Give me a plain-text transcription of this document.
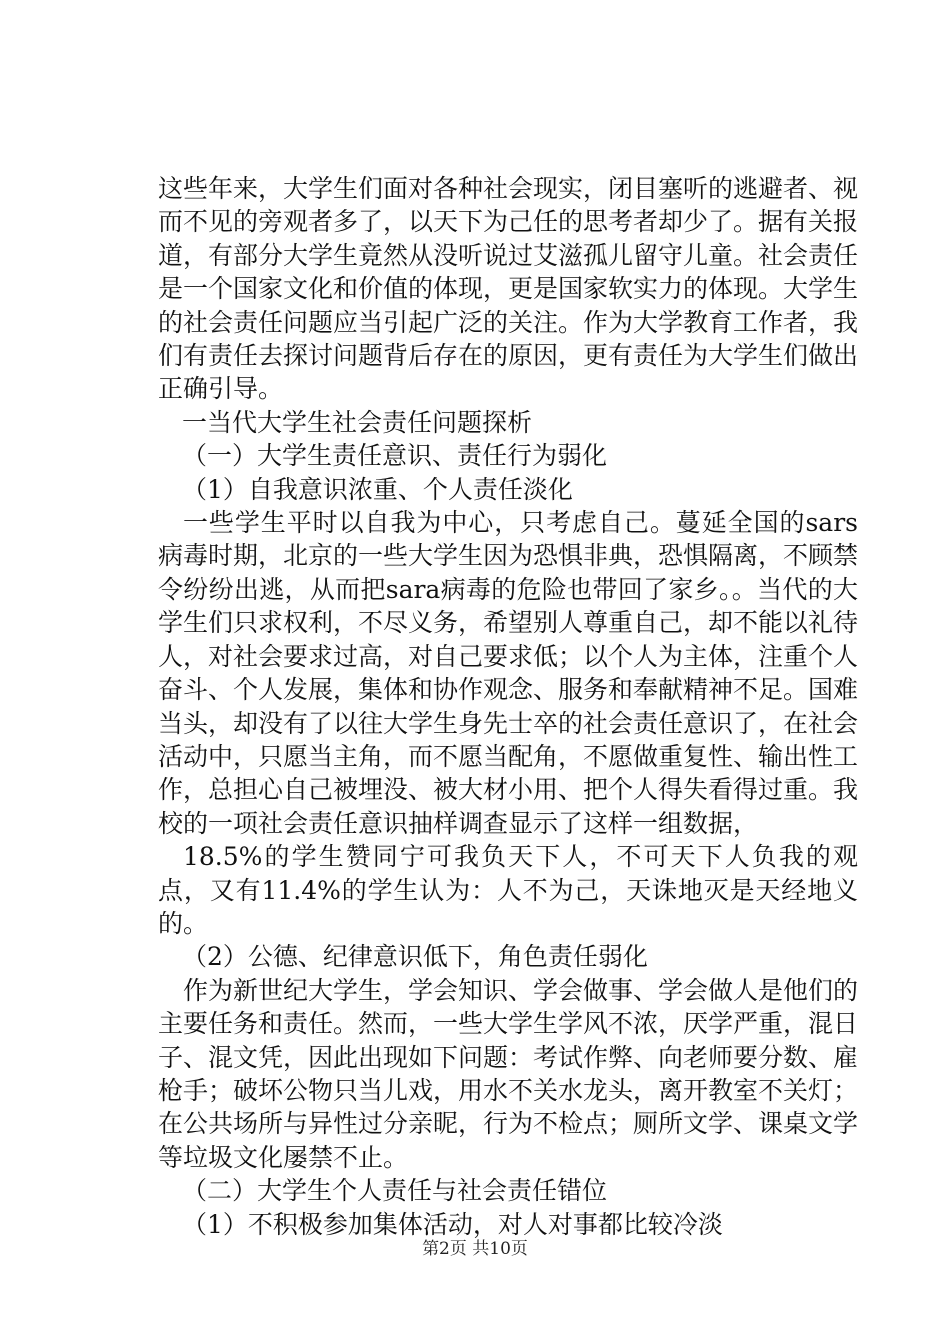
这些年来，大学生们面对各种社会现实，闭目塞听的逃避者、视而不见的旁观者多了，以天下为己任的思考者却少了。据有关报道，有部分大学生竟然从没听说过艾滋孤儿留守儿童。社会责任是一个国家文化和价值的体现，更是国家软实力的体现。大学生的社会责任问题应当引起广泛的关注。作为大学教育工作者，我们有责任去探讨问题背后存在的原因，更有责任为大学生们做出正确引导。

一当代大学生社会责任问题探析

（一）大学生责任意识、责任行为弱化

（1）自我意识浓重、个人责任淡化

一些学生平时以自我为中心，只考虑自己。蔓延全国的sars病毒时期，北京的一些大学生因为恐惧非典，恐惧隔离，不顾禁令纷纷出逃，从而把sara病毒的危险也带回了家乡。。当代的大学生们只求权利，不尽义务，希望别人尊重自己，却不能以礼待人，对社会要求过高，对自己要求低；以个人为主体，注重个人奋斗、个人发展，集体和协作观念、服务和奉献精神不足。国难当头，却没有了以往大学生身先士卒的社会责任意识了，在社会活动中，只愿当主角，而不愿当配角，不愿做重复性、输出性工作，总担心自己被埋没、被大材小用、把个人得失看得过重。我校的一项社会责任意识抽样调查显示了这样一组数据，

18.5%的学生赞同宁可我负天下人，不可天下人负我的观点，又有11.4%的学生认为：人不为己，天诛地灭是天经地义的。

（2）公德、纪律意识低下，角色责任弱化

作为新世纪大学生，学会知识、学会做事、学会做人是他们的主要任务和责任。然而，一些大学生学风不浓，厌学严重，混日子、混文凭，因此出现如下问题：考试作弊、向老师要分数、雇枪手；破坏公物只当儿戏，用水不关水龙头，离开教室不关灯；在公共场所与异性过分亲昵，行为不检点；厕所文学、课桌文学等垃圾文化屡禁不止。

（二）大学生个人责任与社会责任错位

（1）不积极参加集体活动，对人对事都比较冷淡

第2页 共10页
